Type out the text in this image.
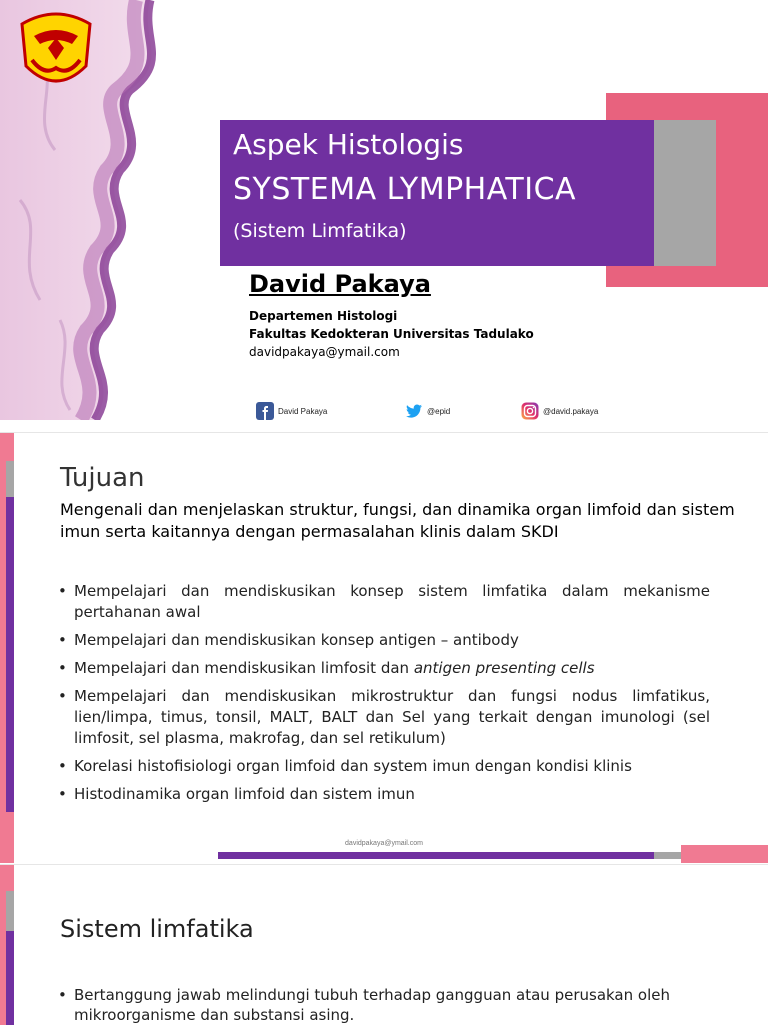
Aspek Histologis
SYSTEMA LYMPHATICA
(Sistem Limfatika)
David Pakaya
Departemen Histologi
Fakultas Kedokteran Universitas Tadulako
davidpakaya@ymail.com
David Pakaya	@epid	@david.pakaya
Tujuan
Mengenali dan menjelaskan struktur, fungsi, dan dinamika organ limfoid dan sistem imun serta kaitannya dengan permasalahan klinis dalam SKDI
• Mempelajari dan mendiskusikan konsep sistem limfatika dalam mekanisme pertahanan awal
• Mempelajari dan mendiskusikan konsep antigen – antibody
• Mempelajari dan mendiskusikan limfosit dan antigen presenting cells
• Mempelajari dan mendiskusikan mikrostruktur dan fungsi nodus limfatikus, lien/limpa, timus, tonsil, MALT, BALT dan Sel yang terkait dengan imunologi (sel limfosit, sel plasma, makrofag, dan sel retikulum)
• Korelasi histofisiologi organ limfoid dan system imun dengan kondisi klinis
• Histodinamika organ limfoid dan sistem imun
davidpakaya@ymail.com
Sistem limfatika
• Bertanggung jawab melindungi tubuh terhadap gangguan atau perusakan oleh mikroorganisme dan substansi asing.
